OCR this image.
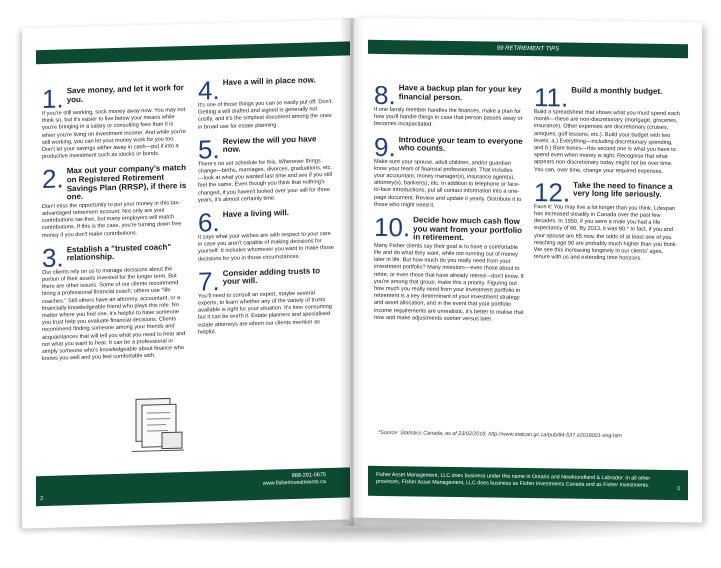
1. Save money, and let it work for you.
If you're still working, sock money away now. You may not think so, but it's easier to live below your means while you're bringing in a salary or consulting fees than it is when you're living on investment income. And while you're still working, you can let your money work for you too. Don't let your savings wither away in cash—put it into a productive investment such as stocks or bonds.
2. Max out your company's match on Registered Retirement Savings Plan (RRSP), if there is one.
Don't miss the opportunity to put your money in this tax-advantaged retirement account. Not only are your contributions tax-free, but many employers will match contributions. If this is the case, you're turning down free money if you don't make contributions.
3. Establish a "trusted coach" relationship.
Our clients rely on us to manage decisions about the portion of their assets invested for the longer term. But there are other issues. Some of our clients recommend hiring a professional financial coach; others use "life coaches." Still others have an attorney, accountant, or a financially knowledgeable friend who plays this role. No matter where you find one, it's helpful to have someone you trust help you evaluate financial decisions. Clients recommend finding someone among your friends and acquaintances that will tell you what you need to hear and not what you want to hear. It can be a professional or simply someone who's knowledgeable about finance who knows you well and you feel comfortable with.
4. Have a will in place now.
It's one of those things you can so easily put off. Don't. Getting a will drafted and signed is generally not costly, and it's the simplest document among the ones in broad use for estate planning.
5. Review the will you have now.
There's no set schedule for this. Whenever things change—births, marriages, divorces, graduations, etc.—look at what you wanted last time and see if you still feel the same. Even though you think that nothing's changed, if you haven't looked over your will for three years, it's almost certainly time.
6. Have a living will.
It says what your wishes are with respect to your care in case you aren't capable of making decisions for yourself. It includes whomever you want to make those decisions for you in those circumstances.
7. Consider adding trusts to your will.
You'll need to consult an expert, maybe several experts, to learn whether any of the variety of trusts available is right for your situation. It's time consuming but it can be worth it. Estate planners and specialised estate attorneys are whom our clients mention as helpful.
888-291-0675
www.fisherinvestments.ca
2
99 RETIREMENT TIPS
8. Have a backup plan for your key financial person.
If one family member handles the finances, make a plan for how you'll handle things in case that person passes away or becomes incapacitated.
9. Introduce your team to everyone who counts.
Make sure your spouse, adult children, and/or guardian know your team of financial professionals. That includes your accountant, money manager(s), insurance agent(s), attorney(s), banker(s), etc. In addition to telephone or face-to-face introductions, put all contact information into a one-page document. Review and update it yearly. Distribute it to those who might need it.
10. Decide how much cash flow you want from your portfolio in retirement.
Many Fisher clients say their goal is to have a comfortable life and do what they want, while not running out of money later in life. But how much do you really need from your investment portfolio? Many investors—even those about to retire, or even those that have already retired—don't know. If you're among that group, make this a priority. Figuring out how much you really need from your investment portfolio in retirement is a key determinant of your investment strategy and asset allocation, and in the event that your portfolio income requirements are unrealistic, it's better to realise that now and make adjustments sooner versus later.
11. Build a monthly budget.
Build a spreadsheet that shows what you must spend each month—these are non-discretionary (mortgage, groceries, insurance). Other expenses are discretionary (cruises, antiques, golf lessons, etc.). Build your budget with two levels: a.) Everything—including discretionary spending, and b.) Bare bones—this second one is what you have to spend even when money is tight. Recognise that what appears non-discretionary today might not be over time. You can, over time, change your required expenses.
12. Take the need to finance a very long life seriously.
Face it: You may live a lot longer than you think. Lifespan has increased steadily in Canada over the past few decades. In 1950, if you were a male you had a life expectancy of 66. By 2013, it was 80.* In fact, if you and your spouse are 65 now, the odds of at least one of you reaching age 90 are probably much higher than you think. We see this increasing longevity in our clients' ages, tenure with us and extending time horizons.
*Source: Statistics Canada, as of 23/02/2018. http://www.statcan.gc.ca/pub/84-537-x2018001-eng.htm
Fisher Asset Management, LLC does business under this name in Ontario and Newfoundland & Labrador. In all other provinces, Fisher Asset Management, LLC does business as Fisher Investments Canada and as Fisher Investments.
3
